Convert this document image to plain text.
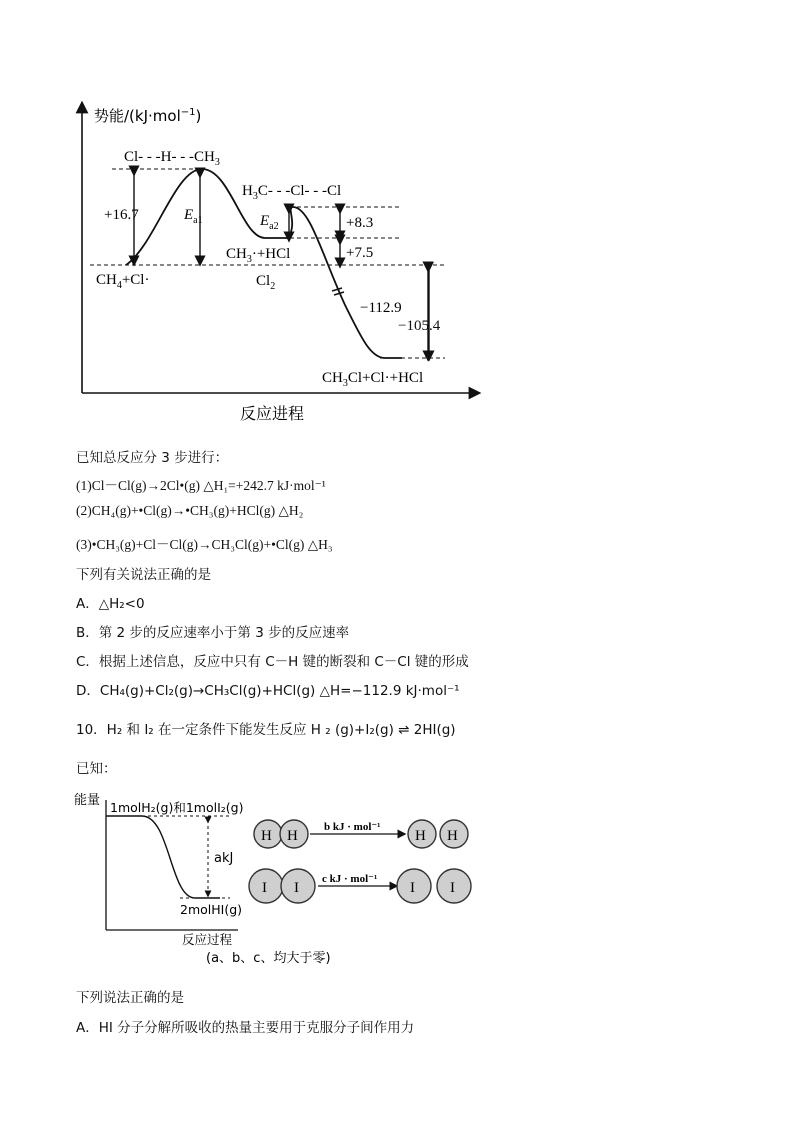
势能/(kJ·mol$^{-1}$)
反应进程
+16.7	$E_{a1}$	$E_{a2}$	+8.3
+7.5
−112.9
$Cl- - -H- - -CH_3$
$H_3C- - -Cl- - -Cl$
$CH_4+Cl\cdot$
$CH_3\cdot+HCl$
$Cl_2$
$CH_3Cl+Cl\cdot+HCl$
−105.4
已知总反应分 3 步进行：
(1)Cl－Cl(g)→2Cl•(g) △H₁=+242.7 kJ·mol⁻¹
(2)CH₄(g)+•Cl(g)→•CH₃(g)+HCl(g) △H₂
(3)•CH₃(g)+Cl－Cl(g)→CH₃Cl(g)+•Cl(g) △H₃
下列有关说法正确的是
A．△H₂<0
B．第 2 步的反应速率小于第 3 步的反应速率
C．根据上述信息，反应中只有 C－H 键的断裂和 C－Cl 键的形成
D．CH₄(g)+Cl₂(g)→CH₃Cl(g)+HCl(g) △H=−112.9 kJ·mol⁻¹
10．H₂ 和 I₂ 在一定条件下能发生反应 H ₂ (g)+I₂(g) ⇌ 2HI(g)
已知：
能量 1molH₂(g)和1molI₂(g)
akJ
2molHI(g)
反应过程
(a、b、c、均大于零)
H H
b kJ · mol⁻¹
H H
I I
c kJ · mol⁻¹
I I
下列说法正确的是
A．HI 分子分解所吸收的热量主要用于克服分子间作用力
